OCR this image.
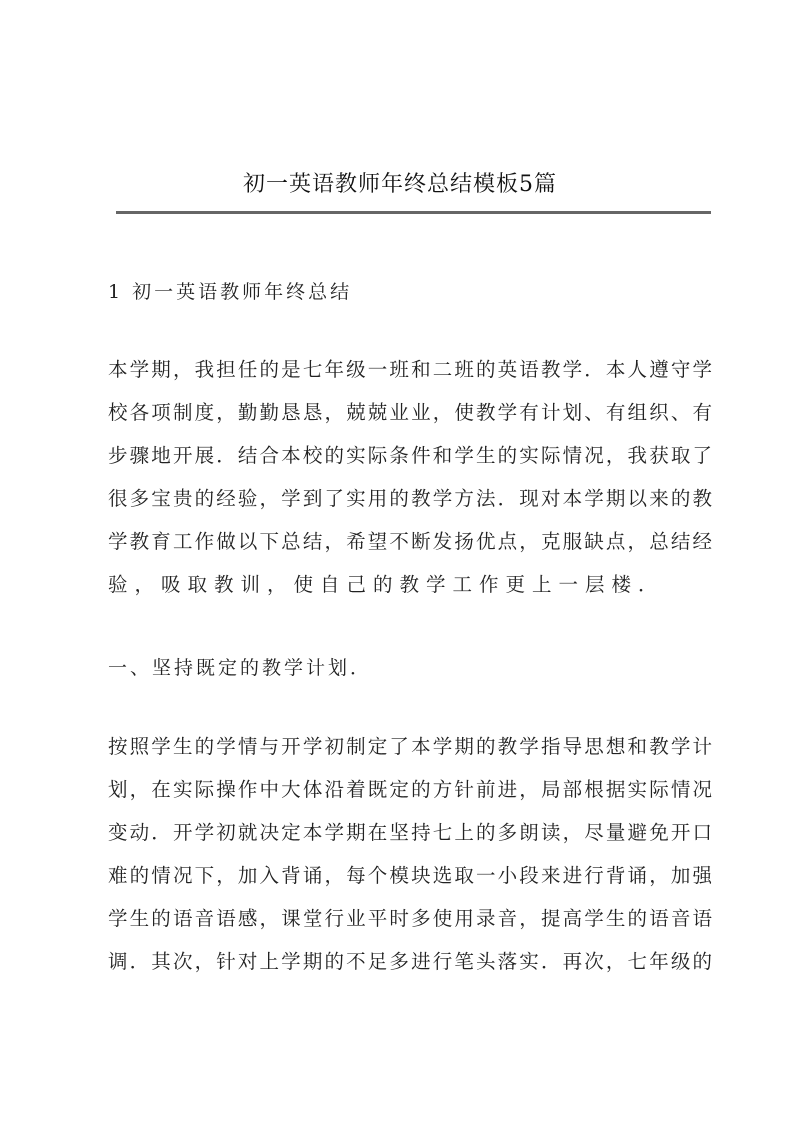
初一英语教师年终总结模板5篇
1 初一英语教师年终总结
本学期，我担任的是七年级一班和二班的英语教学．本人遵守学
校各项制度，勤勤恳恳，兢兢业业，使教学有计划、有组织、有
步骤地开展．结合本校的实际条件和学生的实际情况，我获取了
很多宝贵的经验，学到了实用的教学方法．现对本学期以来的教
学教育工作做以下总结，希望不断发扬优点，克服缺点，总结经
验，吸取教训，使自己的教学工作更上一层楼．
一、坚持既定的教学计划．
按照学生的学情与开学初制定了本学期的教学指导思想和教学计
划，在实际操作中大体沿着既定的方针前进，局部根据实际情况
变动．开学初就决定本学期在坚持七上的多朗读，尽量避免开口
难的情况下，加入背诵，每个模块选取一小段来进行背诵，加强
学生的语音语感，课堂行业平时多使用录音，提高学生的语音语
调．其次，针对上学期的不足多进行笔头落实．再次，七年级的
